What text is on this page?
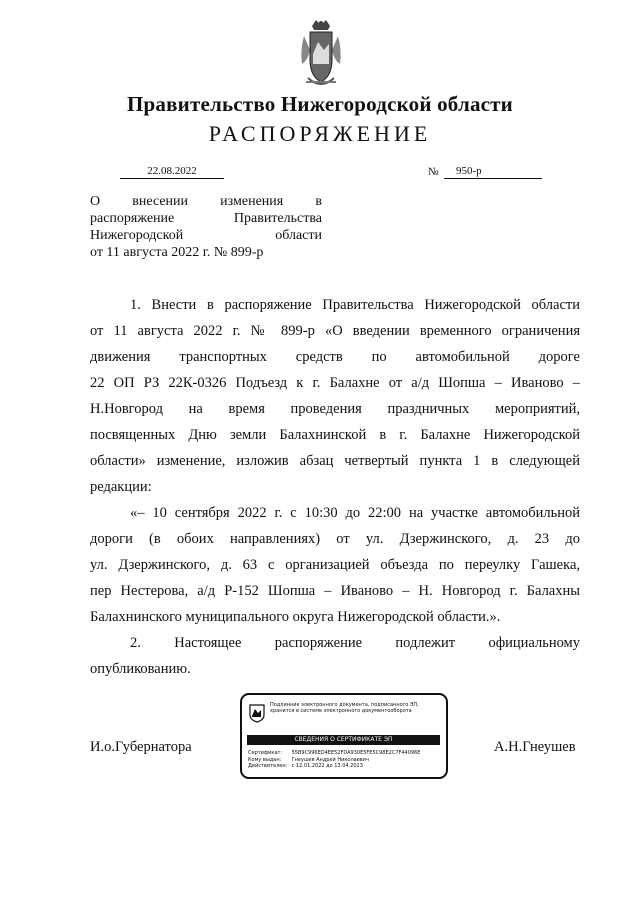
Правительство Нижегородской области
РАСПОРЯЖЕНИЕ
22.08.2022	№	950-р
О внесении изменения в
распоряжение Правительства
Нижегородской области
от 11 августа 2022 г. № 899-р
1. Внести в распоряжение Правительства Нижегородской области
от 11 августа 2022 г. № 899-р «О введении временного ограничения
движения транспортных средств по автомобильной дороге
22 ОП РЗ 22К-0326 Подъезд к г. Балахне от а/д Шопша – Иваново –
Н.Новгород на время проведения праздничных мероприятий,
посвященных Дню земли Балахнинской в г. Балахне Нижегородской
области» изменение, изложив абзац четвертый пункта 1 в следующей
редакции:
«– 10 сентября 2022 г. с 10:30 до 22:00 на участке автомобильной
дороги (в обоих направлениях) от ул. Дзержинского, д. 23 до
ул. Дзержинского, д. 63 с организацией объезда по переулку Гашека,
пер Нестерова, а/д Р-152 Шопша – Иваново – Н. Новгород г. Балахны
Балахнинского муниципального округа Нижегородской области.».
2. Настоящее распоряжение подлежит официальному
опубликованию.
И.о.Губернатора	А.Н.Гнеушев
Подлинник электронного документа, подписанного ЭП,
хранится в системе электронного документооборота
СВЕДЕНИЯ О СЕРТИФИКАТЕ ЭП
Сертификат: 55B9C996ED4EE52FDA930E5FE5C98E2C7F44096E
Кому выдан: Гнеушев Андрей Николаевич
Действителен: с 12.01.2022 до 13.04.2023
